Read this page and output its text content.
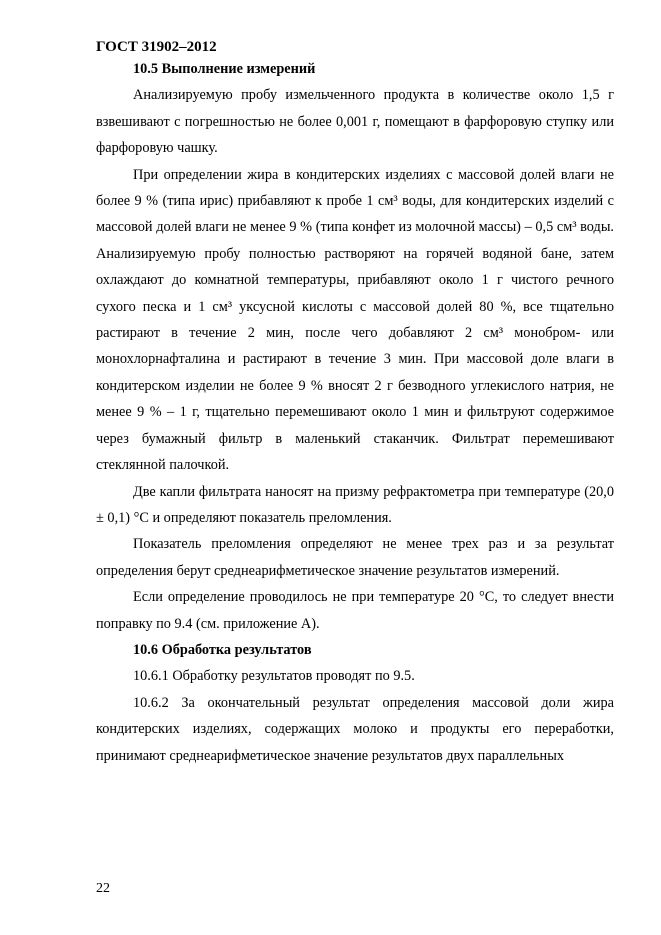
ГОСТ 31902–2012

10.5 Выполнение измерений

Анализируемую пробу измельченного продукта в количестве около 1,5 г взвешивают с погрешностью не более 0,001 г, помещают в фарфоровую ступку или фарфоровую чашку.

При определении жира в кондитерских изделиях с массовой долей влаги не более 9 % (типа ирис) прибавляют к пробе 1 см³ воды, для кондитерских изделий с массовой долей влаги не менее 9 % (типа конфет из молочной массы) – 0,5 см³ воды. Анализируемую пробу полностью растворяют на горячей водяной бане, затем охлаждают до комнатной температуры, прибавляют около 1 г чистого речного сухого песка и 1 см³ уксусной кислоты с массовой долей 80 %, все тщательно растирают в течение 2 мин, после чего добавляют 2 см³ монобром- или монохлорнафталина и растирают в течение 3 мин. При массовой доле влаги в кондитерском изделии не более 9 % вносят 2 г безводного углекислого натрия, не менее 9 % – 1 г, тщательно перемешивают около 1 мин и фильтруют содержимое через бумажный фильтр в маленький стаканчик. Фильтрат перемешивают стеклянной палочкой.

Две капли фильтрата наносят на призму рефрактометра при температуре (20,0 ± 0,1) °С и определяют показатель преломления.

Показатель преломления определяют не менее трех раз и за результат определения берут среднеарифметическое значение результатов измерений.

Если определение проводилось не при температуре 20 °С, то следует внести поправку по 9.4 (см. приложение А).

10.6 Обработка результатов

10.6.1 Обработку результатов проводят по 9.5.

10.6.2 За окончательный результат определения массовой доли жира кондитерских изделиях, содержащих молоко и продукты его переработки, принимают среднеарифметическое значение результатов двух параллельных

22
